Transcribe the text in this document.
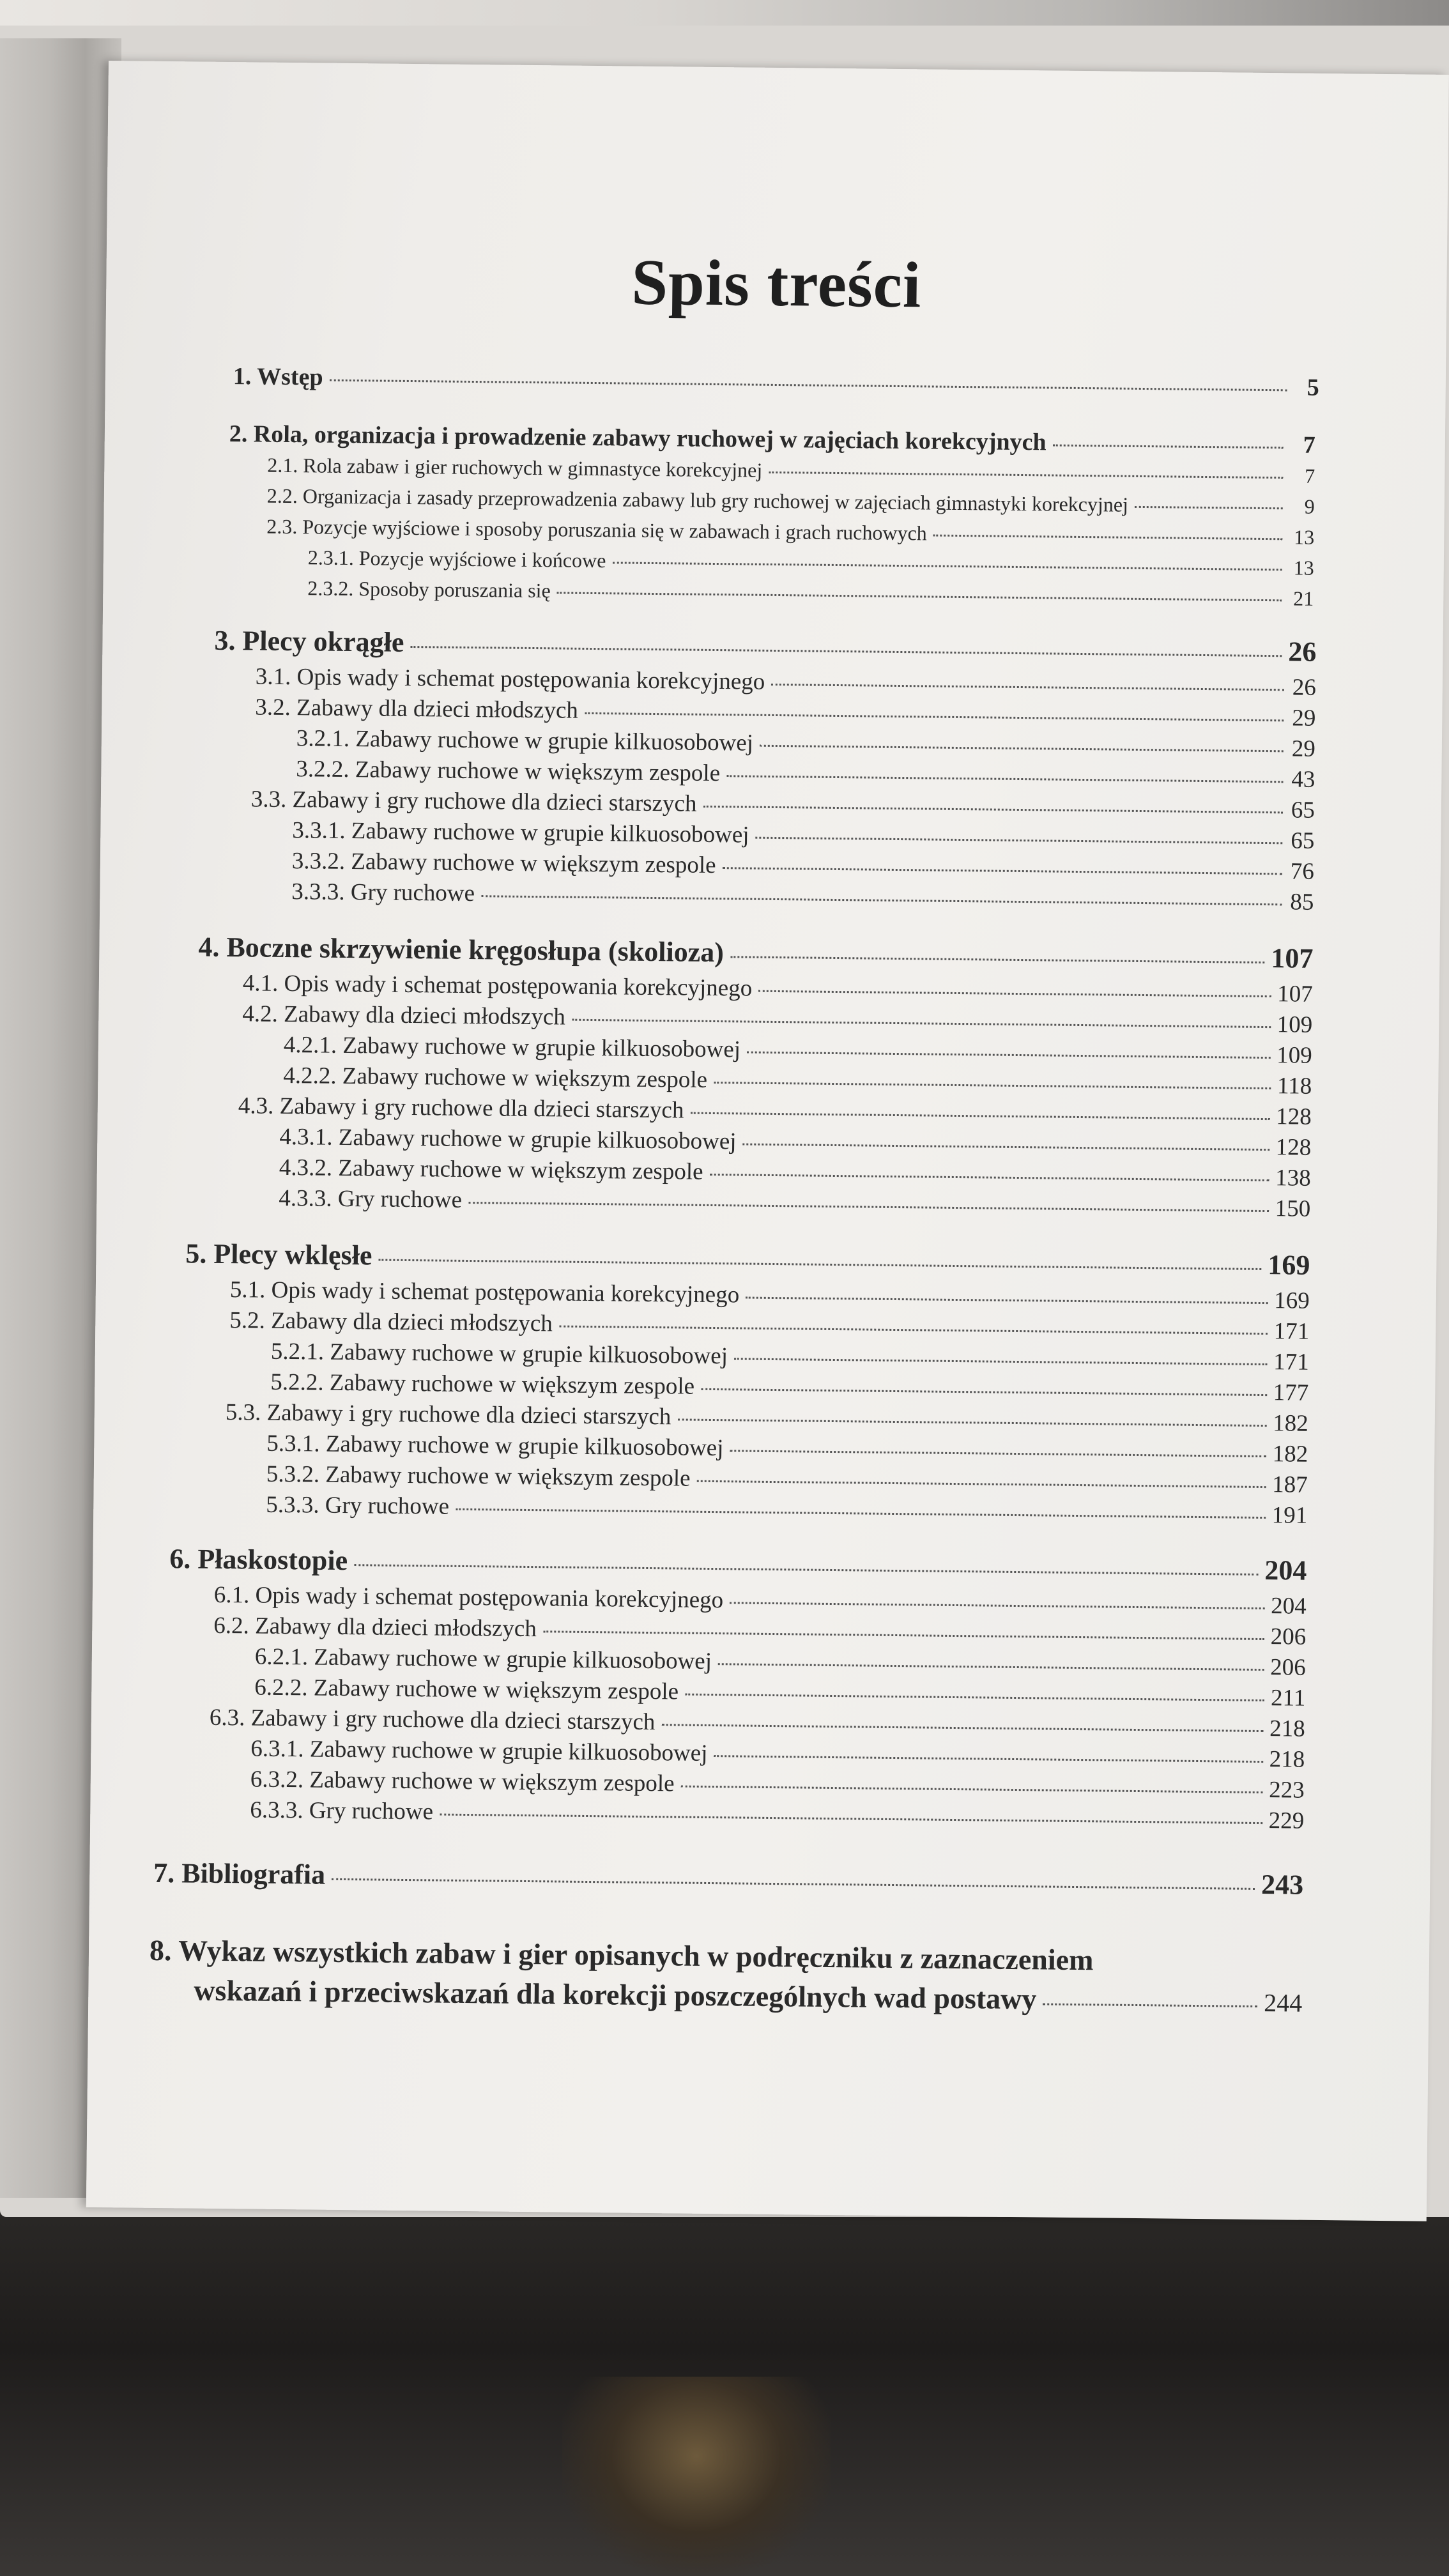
Spis treści
1. Wstęp	5
2. Rola, organizacja i prowadzenie zabawy ruchowej w zajęciach korekcyjnych	7
2.1. Rola zabaw i gier ruchowych w gimnastyce korekcyjnej	7
2.2. Organizacja i zasady przeprowadzenia zabawy lub gry ruchowej w zajęciach gimnastyki korekcyjnej	9
2.3. Pozycje wyjściowe i sposoby poruszania się w zabawach i grach ruchowych	13
2.3.1. Pozycje wyjściowe i końcowe	13
2.3.2. Sposoby poruszania się	21
3. Plecy okrągłe	26
3.1. Opis wady i schemat postępowania korekcyjnego	26
3.2. Zabawy dla dzieci młodszych	29
3.2.1. Zabawy ruchowe w grupie kilkuosobowej	29
3.2.2. Zabawy ruchowe w większym zespole	43
3.3. Zabawy i gry ruchowe dla dzieci starszych	65
3.3.1. Zabawy ruchowe w grupie kilkuosobowej	65
3.3.2. Zabawy ruchowe w większym zespole	76
3.3.3. Gry ruchowe	85
4. Boczne skrzywienie kręgosłupa (skolioza)	107
4.1. Opis wady i schemat postępowania korekcyjnego	107
4.2. Zabawy dla dzieci młodszych	109
4.2.1. Zabawy ruchowe w grupie kilkuosobowej	109
4.2.2. Zabawy ruchowe w większym zespole	118
4.3. Zabawy i gry ruchowe dla dzieci starszych	128
4.3.1. Zabawy ruchowe w grupie kilkuosobowej	128
4.3.2. Zabawy ruchowe w większym zespole	138
4.3.3. Gry ruchowe	150
5. Plecy wklęsłe	169
5.1. Opis wady i schemat postępowania korekcyjnego	169
5.2. Zabawy dla dzieci młodszych	171
5.2.1. Zabawy ruchowe w grupie kilkuosobowej	171
5.2.2. Zabawy ruchowe w większym zespole	177
5.3. Zabawy i gry ruchowe dla dzieci starszych	182
5.3.1. Zabawy ruchowe w grupie kilkuosobowej	182
5.3.2. Zabawy ruchowe w większym zespole	187
5.3.3. Gry ruchowe	191
6. Płaskostopie	204
6.1. Opis wady i schemat postępowania korekcyjnego	204
6.2. Zabawy dla dzieci młodszych	206
6.2.1. Zabawy ruchowe w grupie kilkuosobowej	206
6.2.2. Zabawy ruchowe w większym zespole	211
6.3. Zabawy i gry ruchowe dla dzieci starszych	218
6.3.1. Zabawy ruchowe w grupie kilkuosobowej	218
6.3.2. Zabawy ruchowe w większym zespole	223
6.3.3. Gry ruchowe	229
7. Bibliografia	243
8. Wykaz wszystkich zabaw i gier opisanych w podręczniku z zaznaczeniem
wskazań i przeciwskazań dla korekcji poszczególnych wad postawy	244
